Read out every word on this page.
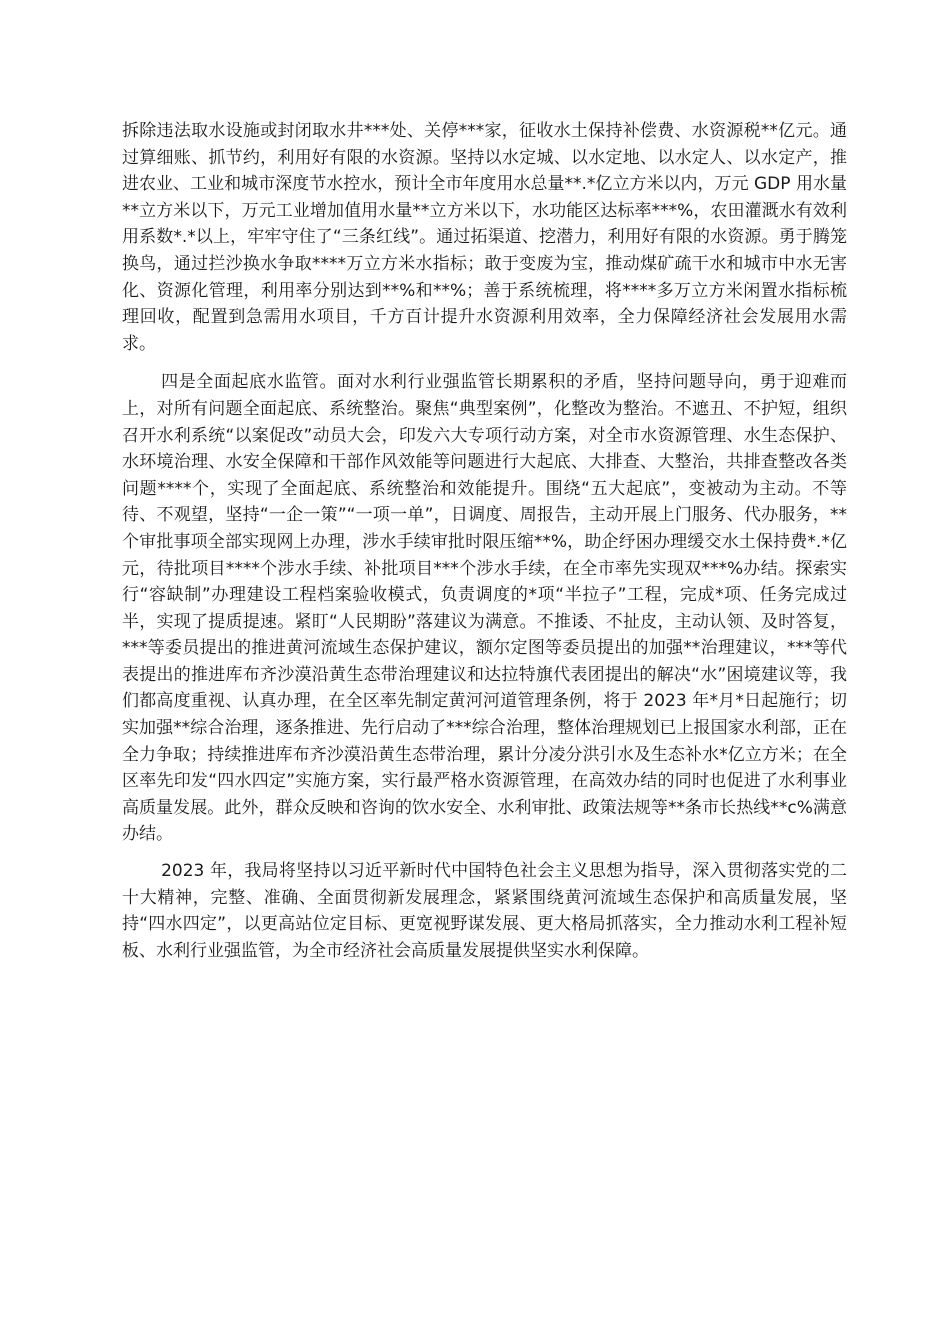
拆除违法取水设施或封闭取水井***处、关停***家，征收水土保持补偿费、水资源税**亿元。通过算细账、抓节约，利用好有限的水资源。坚持以水定城、以水定地、以水定人、以水定产，推进农业、工业和城市深度节水控水，预计全市年度用水总量**.*亿立方米以内，万元 GDP 用水量**立方米以下，万元工业增加值用水量**立方米以下，水功能区达标率***%，农田灌溉水有效利用系数*.*以上，牢牢守住了“三条红线”。通过拓渠道、挖潜力，利用好有限的水资源。勇于腾笼换鸟，通过拦沙换水争取****万立方米水指标；敢于变废为宝，推动煤矿疏干水和城市中水无害化、资源化管理，利用率分别达到**%和**%；善于系统梳理，将****多万立方米闲置水指标梳理回收，配置到急需用水项目，千方百计提升水资源利用效率，全力保障经济社会发展用水需求。

四是全面起底水监管。面对水利行业强监管长期累积的矛盾，坚持问题导向，勇于迎难而上，对所有问题全面起底、系统整治。聚焦“典型案例”，化整改为整治。不遮丑、不护短，组织召开水利系统“以案促改”动员大会，印发六大专项行动方案，对全市水资源管理、水生态保护、水环境治理、水安全保障和干部作风效能等问题进行大起底、大排查、大整治，共排查整改各类问题****个，实现了全面起底、系统整治和效能提升。围绕“五大起底”，变被动为主动。不等待、不观望，坚持“一企一策”“一项一单”，日调度、周报告，主动开展上门服务、代办服务，**个审批事项全部实现网上办理，涉水手续审批时限压缩**%，助企纾困办理缓交水土保持费*.*亿元，待批项目****个涉水手续、补批项目***个涉水手续，在全市率先实现双***%办结。探索实行“容缺制”办理建设工程档案验收模式，负责调度的*项“半拉子”工程，完成*项、任务完成过半，实现了提质提速。紧盯“人民期盼”落建议为满意。不推诿、不扯皮，主动认领、及时答复，***等委员提出的推进黄河流域生态保护建议，额尔定图等委员提出的加强**治理建议，***等代表提出的推进库布齐沙漠沿黄生态带治理建议和达拉特旗代表团提出的解决“水”困境建议等，我们都高度重视、认真办理，在全区率先制定黄河河道管理条例，将于 2023 年*月*日起施行；切实加强**综合治理，逐条推进、先行启动了***综合治理，整体治理规划已上报国家水利部，正在全力争取；持续推进库布齐沙漠沿黄生态带治理，累计分凌分洪引水及生态补水*亿立方米；在全区率先印发“四水四定”实施方案，实行最严格水资源管理，在高效办结的同时也促进了水利事业高质量发展。此外，群众反映和咨询的饮水安全、水利审批、政策法规等**条市长热线**c%满意办结。

2023 年，我局将坚持以习近平新时代中国特色社会主义思想为指导，深入贯彻落实党的二十大精神，完整、准确、全面贯彻新发展理念，紧紧围绕黄河流域生态保护和高质量发展，坚持“四水四定”，以更高站位定目标、更宽视野谋发展、更大格局抓落实，全力推动水利工程补短板、水利行业强监管，为全市经济社会高质量发展提供坚实水利保障。
